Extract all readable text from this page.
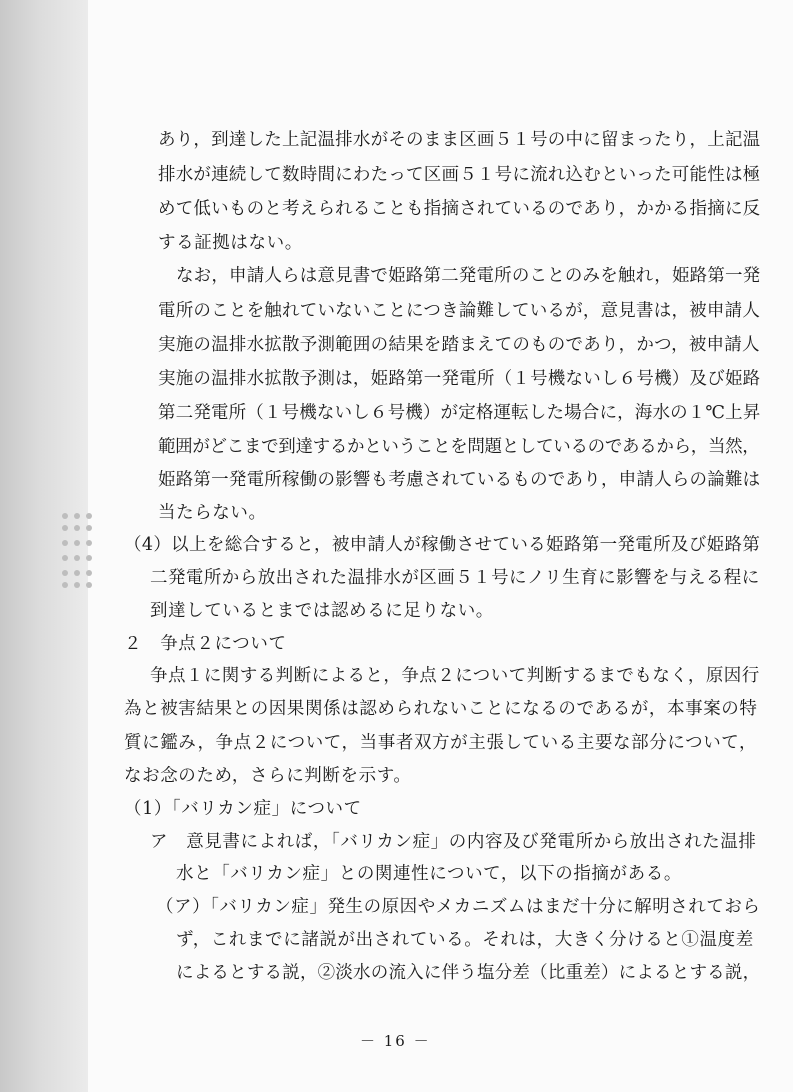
あり，到達した上記温排水がそのまま区画５１号の中に留まったり，上記温
排水が連続して数時間にわたって区画５１号に流れ込むといった可能性は極
めて低いものと考えられることも指摘されているのであり，かかる指摘に反
する証拠はない。
なお，申請人らは意見書で姫路第二発電所のことのみを触れ，姫路第一発
電所のことを触れていないことにつき論難しているが，意見書は，被申請人
実施の温排水拡散予測範囲の結果を踏まえてのものであり，かつ，被申請人
実施の温排水拡散予測は，姫路第一発電所（１号機ないし６号機）及び姫路
第二発電所（１号機ないし６号機）が定格運転した場合に，海水の１℃上昇
範囲がどこまで到達するかということを問題としているのであるから，当然，
姫路第一発電所稼働の影響も考慮されているものであり，申請人らの論難は
当たらない。
（4）以上を総合すると，被申請人が稼働させている姫路第一発電所及び姫路第
二発電所から放出された温排水が区画５１号にノリ生育に影響を与える程に
到達しているとまでは認めるに足りない。
２　争点２について
争点１に関する判断によると，争点２について判断するまでもなく，原因行
為と被害結果との因果関係は認められないことになるのであるが，本事案の特
質に鑑み，争点２について，当事者双方が主張している主要な部分について，
なお念のため，さらに判断を示す。
（1）「バリカン症」について
ア　意見書によれば，「バリカン症」の内容及び発電所から放出された温排
水と「バリカン症」との関連性について，以下の指摘がある。
（ア）「バリカン症」発生の原因やメカニズムはまだ十分に解明されておら
ず，これまでに諸説が出されている。それは，大きく分けると①温度差
によるとする説，②淡水の流入に伴う塩分差（比重差）によるとする説，
－ 16 －
